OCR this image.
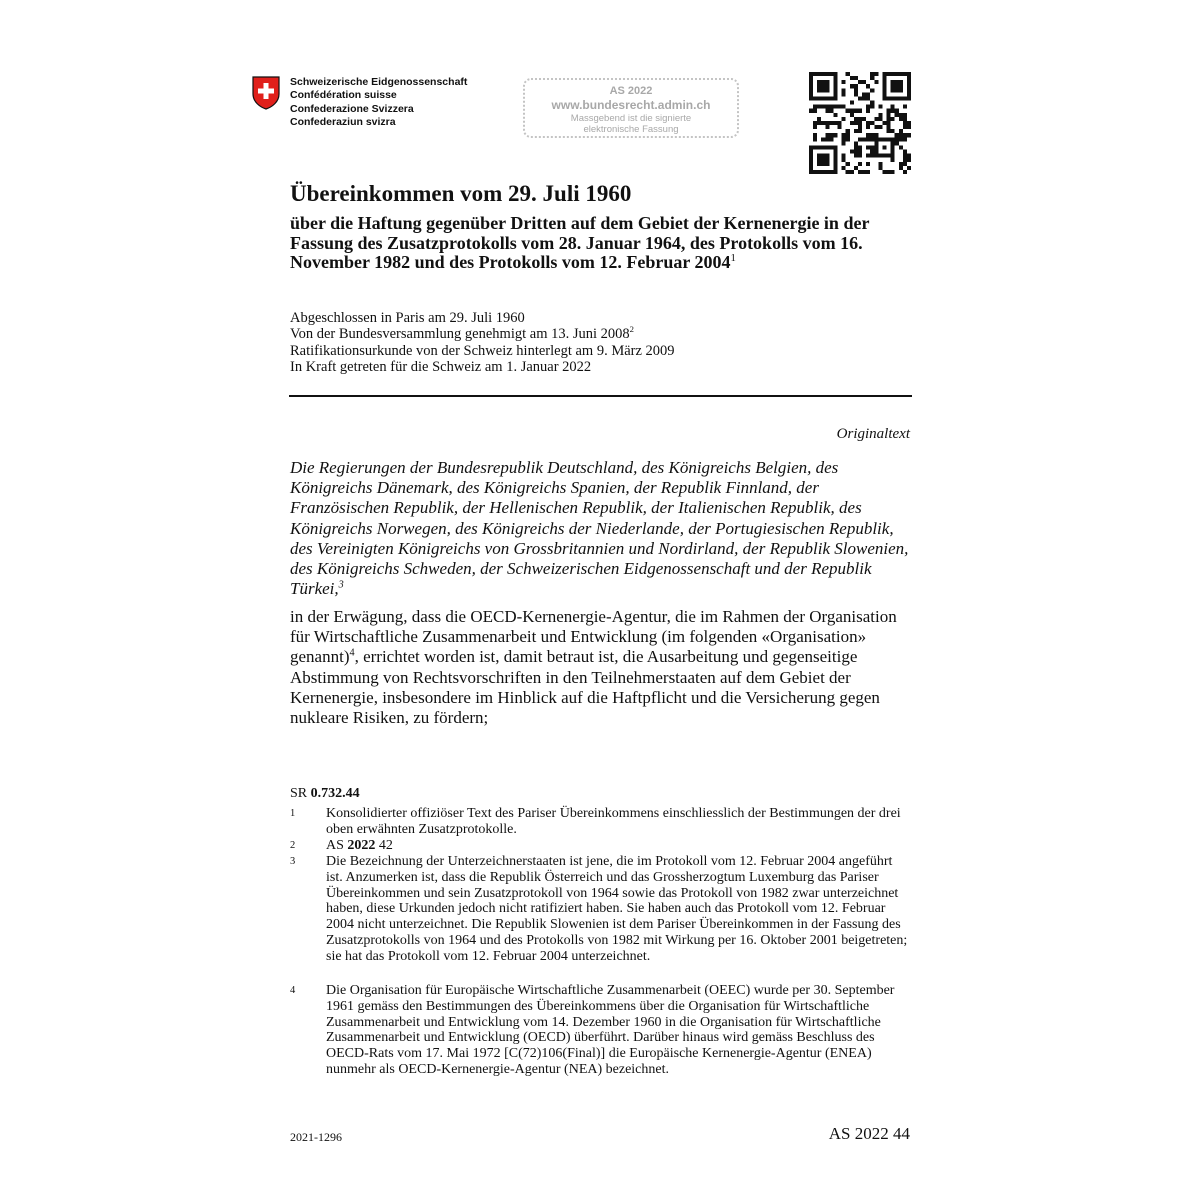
Schweizerische Eidgenossenschaft
Confédération suisse
Confederazione Svizzera
Confederaziun svizra
AS 2022
www.bundesrecht.admin.ch
Massgebend ist die signierte
elektronische Fassung
Übereinkommen vom 29. Juli 1960
über die Haftung gegenüber Dritten auf dem Gebiet der Kernenergie in der Fassung des Zusatzprotokolls vom 28. Januar 1964, des Protokolls vom 16. November 1982 und des Protokolls vom 12. Februar 2004$^1$
Abgeschlossen in Paris am 29. Juli 1960
Von der Bundesversammlung genehmigt am 13. Juni 2008$^2$
Ratifikationsurkunde von der Schweiz hinterlegt am 9. März 2009
In Kraft getreten für die Schweiz am 1. Januar 2022
Originaltext
Die Regierungen der Bundesrepublik Deutschland, des Königreichs Belgien, des Königreichs Dänemark, des Königreichs Spanien, der Republik Finnland, der Französischen Republik, der Hellenischen Republik, der Italienischen Republik, des Königreichs Norwegen, des Königreichs der Niederlande, der Portugiesischen Republik, des Vereinigten Königreichs von Grossbritannien und Nordirland, der Republik Slowenien, des Königreichs Schweden, der Schweizerischen Eidgenossenschaft und der Republik Türkei,$^3$
in der Erwägung, dass die OECD-Kernenergie-Agentur, die im Rahmen der Organisation für Wirtschaftliche Zusammenarbeit und Entwicklung (im folgenden «Organisation» genannt)$^4$, errichtet worden ist, damit betraut ist, die Ausarbeitung und gegenseitige Abstimmung von Rechtsvorschriften in den Teilnehmerstaaten auf dem Gebiet der Kernenergie, insbesondere im Hinblick auf die Haftpflicht und die Versicherung gegen nukleare Risiken, zu fördern;
SR 0.732.44
1 Konsolidierter offiziöser Text des Pariser Übereinkommens einschliesslich der Bestimmungen der drei oben erwähnten Zusatzprotokolle.
2 AS 2022 42
3 Die Bezeichnung der Unterzeichnerstaaten ist jene, die im Protokoll vom 12. Februar 2004 angeführt ist. Anzumerken ist, dass die Republik Österreich und das Grossherzogtum Luxemburg das Pariser Übereinkommen und sein Zusatzprotokoll von 1964 sowie das Protokoll von 1982 zwar unterzeichnet haben, diese Urkunden jedoch nicht ratifiziert haben. Sie haben auch das Protokoll vom 12. Februar 2004 nicht unterzeichnet. Die Republik Slowenien ist dem Pariser Übereinkommen in der Fassung des Zusatzprotokolls von 1964 und des Protokolls von 1982 mit Wirkung per 16. Oktober 2001 beigetreten; sie hat das Protokoll vom 12. Februar 2004 unterzeichnet.
4 Die Organisation für Europäische Wirtschaftliche Zusammenarbeit (OEEC) wurde per 30. September 1961 gemäss den Bestimmungen des Übereinkommens über die Organisation für Wirtschaftliche Zusammenarbeit und Entwicklung vom 14. Dezember 1960 in die Organisation für Wirtschaftliche Zusammenarbeit und Entwicklung (OECD) überführt. Darüber hinaus wird gemäss Beschluss des OECD-Rats vom 17. Mai 1972 [C(72)106(Final)] die Europäische Kernenergie-Agentur (ENEA) nunmehr als OECD-Kernenergie-Agentur (NEA) bezeichnet.
2021-1296	AS 2022 44
